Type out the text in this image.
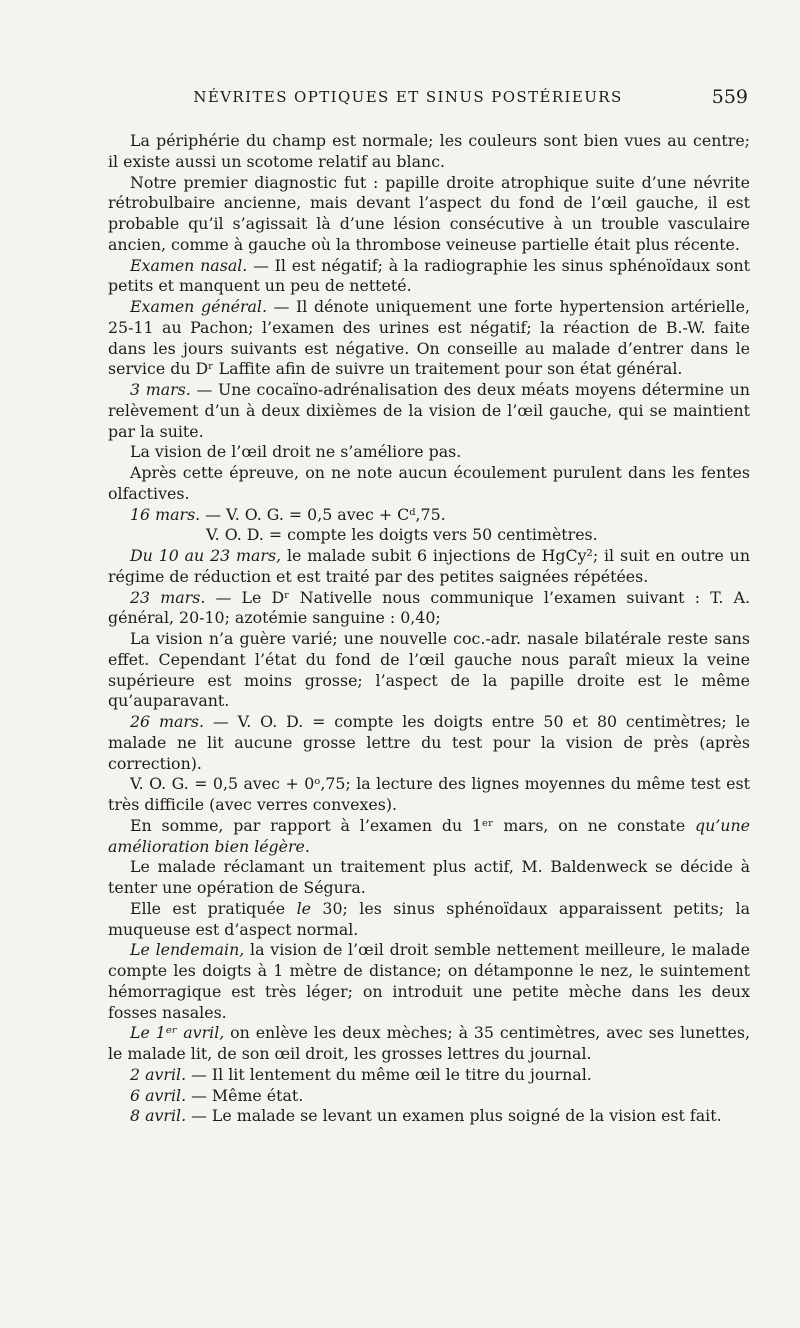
NÉVRITES OPTIQUES ET SINUS POSTÉRIEURS	559

La périphérie du champ est normale; les couleurs sont bien vues au centre; il existe aussi un scotome relatif au blanc.

Notre premier diagnostic fut : papille droite atrophique suite d’une névrite rétrobulbaire ancienne, mais devant l’aspect du fond de l’œil gauche, il est probable qu’il s’agissait là d’une lésion consécutive à un trouble vasculaire ancien, comme à gauche où la thrombose veineuse partielle était plus récente.

Examen nasal. — Il est négatif; à la radiographie les sinus sphénoïdaux sont petits et manquent un peu de netteté.

Examen général. — Il dénote uniquement une forte hypertension artérielle, 25-11 au Pachon; l’examen des urines est négatif; la réaction de B.-W. faite dans les jours suivants est négative. On conseille au malade d’entrer dans le service du Dʳ Laffite afin de suivre un traitement pour son état général.

3 mars. — Une cocaïno-adrénalisation des deux méats moyens détermine un relèvement d’un à deux dixièmes de la vision de l’œil gauche, qui se maintient par la suite.

La vision de l’œil droit ne s’améliore pas.

Après cette épreuve, on ne note aucun écoulement purulent dans les fentes olfactives.

16 mars. — V. O. G. = 0,5 avec + Cᵈ,75.

V. O. D. = compte les doigts vers 50 centimètres.

Du 10 au 23 mars, le malade subit 6 injections de HgCy²; il suit en outre un régime de réduction et est traité par des petites saignées répétées.

23 mars. — Le Dʳ Nativelle nous communique l’examen suivant : T. A. général, 20-10; azotémie sanguine : 0,40;

La vision n’a guère varié; une nouvelle coc.-adr. nasale bilatérale reste sans effet. Cependant l’état du fond de l’œil gauche nous paraît mieux la veine supérieure est moins grosse; l’aspect de la papille droite est le même qu’auparavant.

26 mars. — V. O. D. = compte les doigts entre 50 et 80 centimètres; le malade ne lit aucune grosse lettre du test pour la vision de près (après correction).

V. O. G. = 0,5 avec + 0ᵒ,75; la lecture des lignes moyennes du même test est très difficile (avec verres convexes).

En somme, par rapport à l’examen du 1ᵉʳ mars, on ne constate qu’une amélioration bien légère.

Le malade réclamant un traitement plus actif, M. Baldenweck se décide à tenter une opération de Ségura.

Elle est pratiquée le 30; les sinus sphénoïdaux apparaissent petits; la muqueuse est d’aspect normal.

Le lendemain, la vision de l’œil droit semble nettement meilleure, le malade compte les doigts à 1 mètre de distance; on détamponne le nez, le suintement hémorragique est très léger; on introduit une petite mèche dans les deux fosses nasales.

Le 1ᵉʳ avril, on enlève les deux mèches; à 35 centimètres, avec ses lunettes, le malade lit, de son œil droit, les grosses lettres du journal.

2 avril. — Il lit lentement du même œil le titre du journal.

6 avril. — Même état.

8 avril. — Le malade se levant un examen plus soigné de la vision est fait.
